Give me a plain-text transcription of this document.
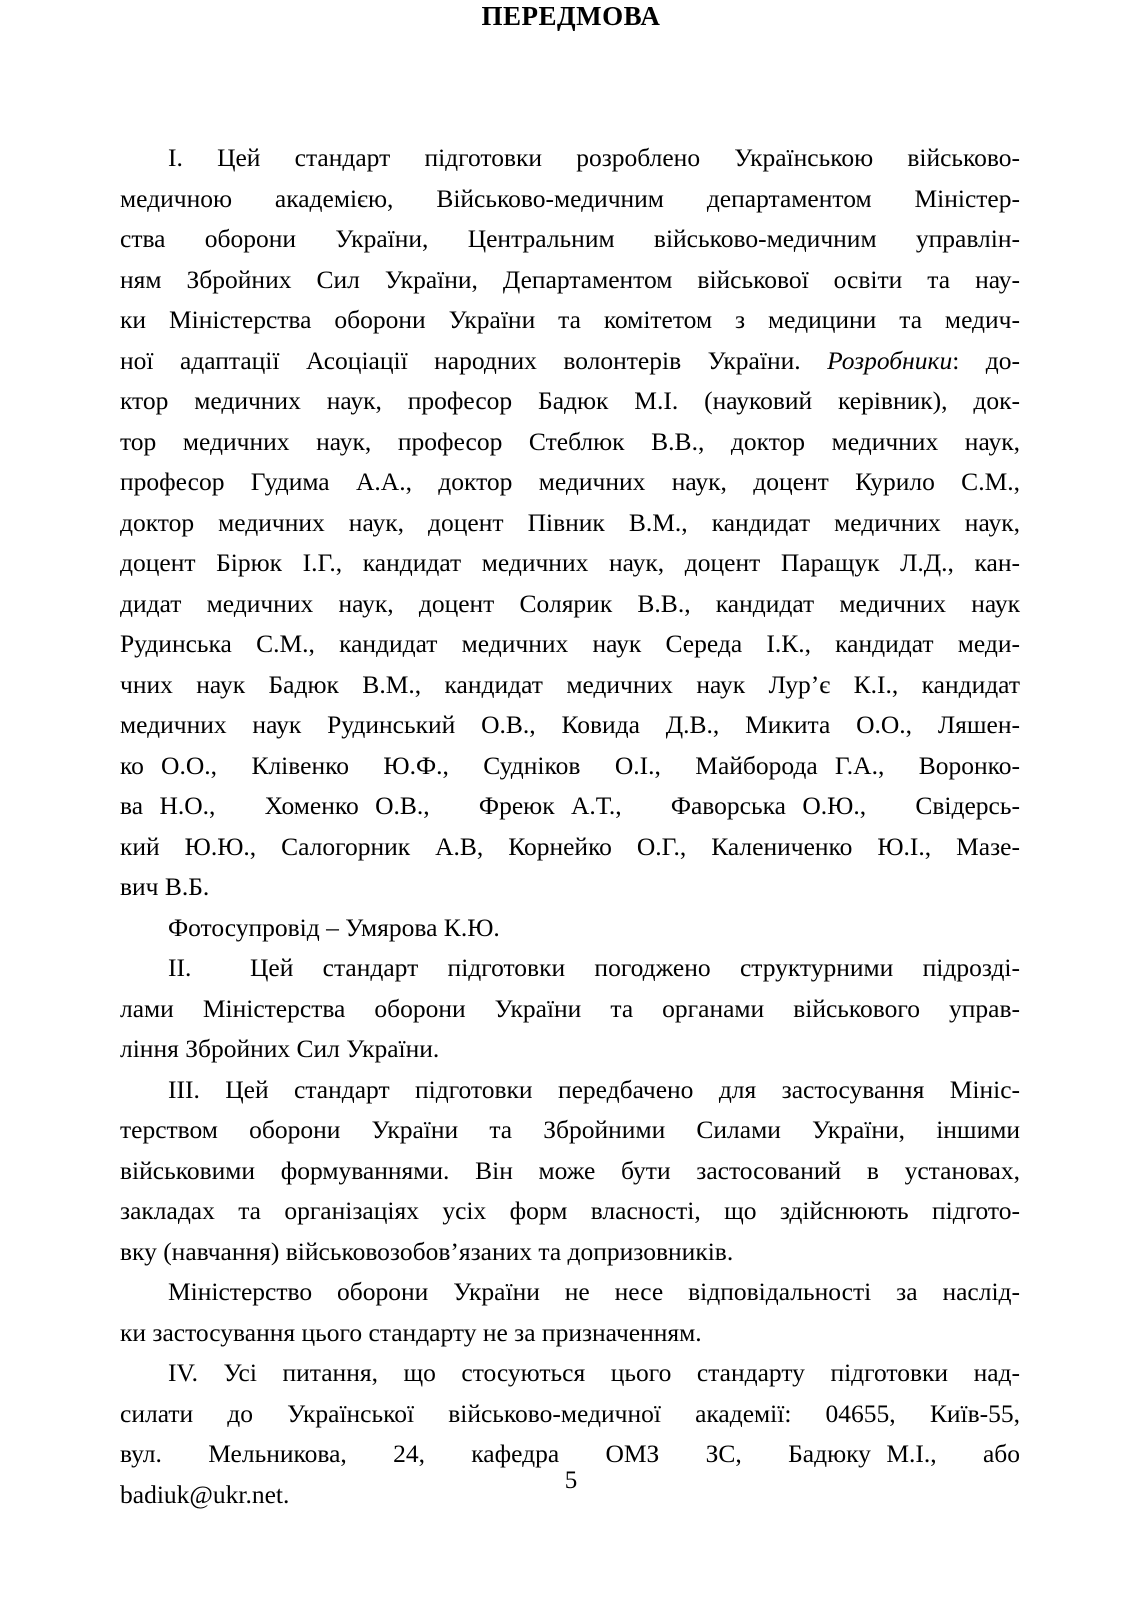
ПЕРЕДМОВА
I. Цей стандарт підготовки розроблено Українською військово-
медичною академією, Військово-медичним департаментом Міністер-
ства оборони України, Центральним військово-медичним управлін-
ням Збройних Сил України, Департаментом військової освіти та нау-
ки Міністерства оборони України та комітетом з медицини та медич-
ної адаптації Асоціації народних волонтерів України. Розробники: до-
ктор медичних наук, професор Бадюк М.І. (науковий керівник), док-
тор медичних наук, професор Стеблюк В.В., доктор медичних наук,
професор Гудима А.А., доктор медичних наук, доцент Курило С.М.,
доктор медичних наук, доцент Півник В.М., кандидат медичних наук,
доцент Бірюк І.Г., кандидат медичних наук, доцент Паращук Л.Д., кан-
дидат медичних наук, доцент Солярик В.В., кандидат медичних наук
Рудинська С.М., кандидат медичних наук Середа І.К., кандидат меди-
чних наук Бадюк В.М., кандидат медичних наук Лур’є К.І., кандидат
медичних наук Рудинський О.В., Ковида Д.В., Микита О.О., Ляшен-
ко О.О.,  Клівенко  Ю.Ф.,  Судніков  О.І.,  Майборода Г.А.,  Воронко-
ва Н.О.,   Хоменко О.В.,   Фреюк А.Т.,   Фаворська О.Ю.,   Свідерсь-
кий Ю.Ю., Салогорник А.В, Корнейко О.Г., Калениченко Ю.І., Мазе-
вич В.Б.
Фотосупровід – Умярова К.Ю.
II.  Цей стандарт підготовки погоджено структурними підрозді-
лами Міністерства оборони України та органами військового управ-
ління Збройних Сил України.
III. Цей стандарт підготовки передбачено для застосування Мініс-
терством оборони України та Збройними Силами України, іншими
військовими формуваннями. Він може бути застосований в установах,
закладах та організаціях усіх форм власності, що здійснюють підгото-
вку (навчання) військовозобов’язаних та допризовників.
Міністерство оборони України не несе відповідальності за наслід-
ки застосування цього стандарту не за призначенням.
IV. Усі питання, що стосуються цього стандарту підготовки над-
силати до Української військово-медичної академії: 04655, Київ-55,
вул.   Мельникова,   24,   кафедра   ОМЗ   ЗС,   Бадюку М.І.,   або
badiuk@ukr.net.	5
